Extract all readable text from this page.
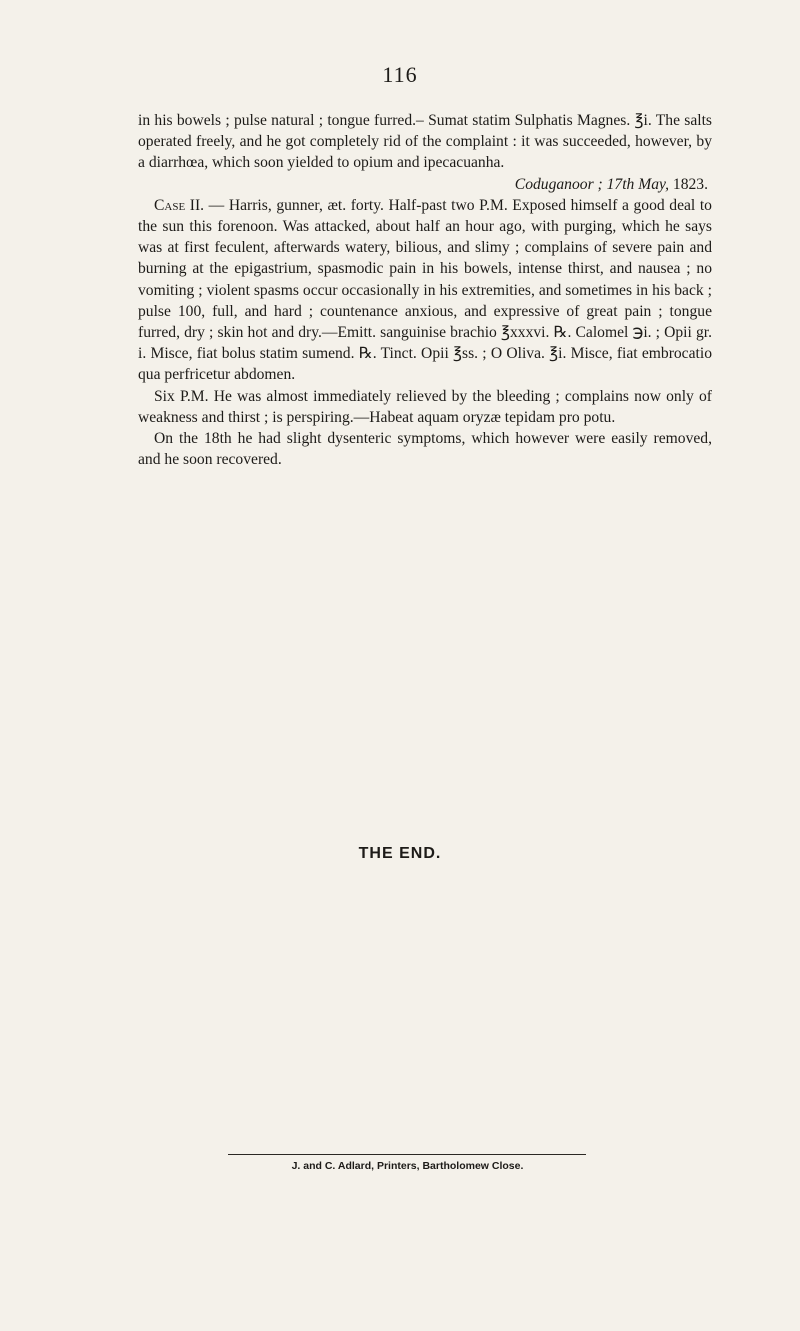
116

in his bowels ; pulse natural ; tongue furred.– Sumat statim Sulphatis Magnes. ℥i. The salts operated freely, and he got completely rid of the complaint : it was succeeded, however, by a diarrhœa, which soon yielded to opium and ipecacuanha.

Coduganoor ; 17th May, 1823.

Case II. — Harris, gunner, æt. forty. Half-past two P.M. Exposed himself a good deal to the sun this forenoon. Was attacked, about half an hour ago, with purging, which he says was at first feculent, afterwards watery, bilious, and slimy ; complains of severe pain and burning at the epigastrium, spasmodic pain in his bowels, intense thirst, and nausea ; no vomiting ; violent spasms occur occasionally in his extremities, and sometimes in his back ; pulse 100, full, and hard ; countenance anxious, and expressive of great pain ; tongue furred, dry ; skin hot and dry.—Emitt. sanguinise brachio ℥xxxvi. ℞. Calomel ℈i. ; Opii gr. i. Misce, fiat bolus statim sumend. ℞. Tinct. Opii ℥ss. ; O Oliva. ℥i. Misce, fiat embrocatio qua perfricetur abdomen.

Six P.M. He was almost immediately relieved by the bleeding ; complains now only of weakness and thirst ; is perspiring.—Habeat aquam oryzæ tepidam pro potu.

On the 18th he had slight dysenteric symptoms, which however were easily removed, and he soon recovered.

THE END.
J. and C. Adlard, Printers, Bartholomew Close.
